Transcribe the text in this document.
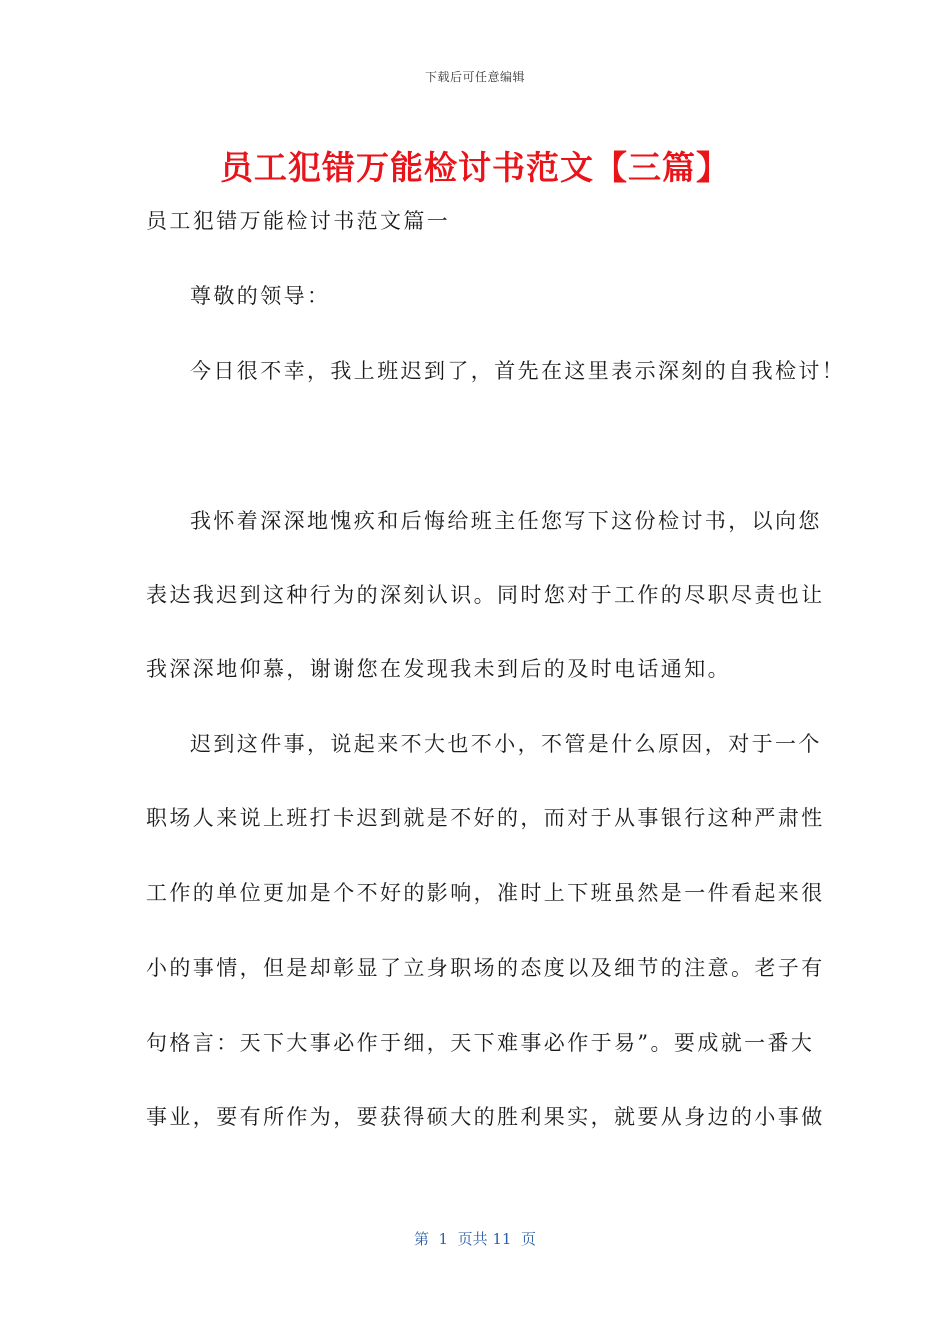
下载后可任意编辑
员工犯错万能检讨书范文【三篇】
员工犯错万能检讨书范文篇一
尊敬的领导：
今日很不幸，我上班迟到了，首先在这里表示深刻的自我检讨！
我怀着深深地愧疚和后悔给班主任您写下这份检讨书，以向您
表达我迟到这种行为的深刻认识。同时您对于工作的尽职尽责也让
我深深地仰慕，谢谢您在发现我未到后的及时电话通知。
迟到这件事，说起来不大也不小，不管是什么原因，对于一个
职场人来说上班打卡迟到就是不好的，而对于从事银行这种严肃性
工作的单位更加是个不好的影响，准时上下班虽然是一件看起来很
小的事情，但是却彰显了立身职场的态度以及细节的注意。老子有
句格言：天下大事必作于细，天下难事必作于易”。要成就一番大
事业，要有所作为，要获得硕大的胜利果实，就要从身边的小事做
第  1  页共 11  页
